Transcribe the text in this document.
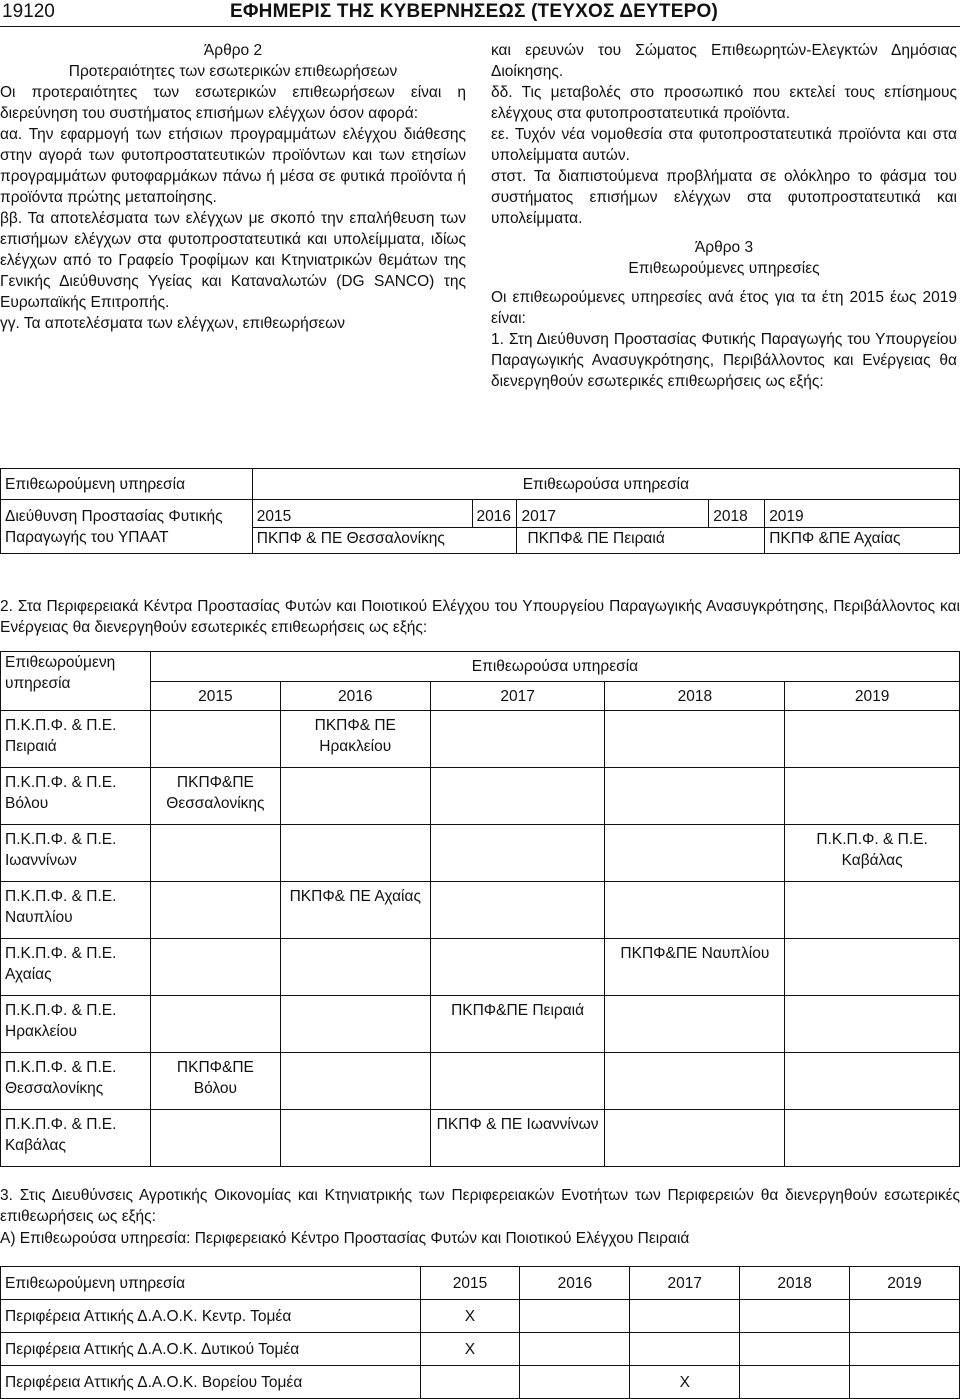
19120	ΕΦΗΜΕΡΙΣ ΤΗΣ ΚΥΒΕΡΝΗΣΕΩΣ (ΤΕΥΧΟΣ ΔΕΥΤΕΡΟ)

Άρθρο 2

Προτεραιότητες των εσωτερικών επιθεωρήσεων

Οι προτεραιότητες των εσωτερικών επιθεωρήσεων είναι η διερεύνηση του συστήματος επισήμων ελέγχων όσον αφορά:

αα. Την εφαρμογή των ετήσιων προγραμμάτων ελέγχου διάθεσης στην αγορά των φυτοπροστατευτικών προϊόντων και των ετησίων προγραμμάτων φυτοφαρμάκων πάνω ή μέσα σε φυτικά προϊόντα ή προϊόντα πρώτης μεταποίησης.

ββ. Τα αποτελέσματα των ελέγχων με σκοπό την επαλήθευση των επισήμων ελέγχων στα φυτοπροστατευτικά και υπολείμματα, ιδίως ελέγχων από το Γραφείο Τροφίμων και Κτηνιατρικών θεμάτων της Γενικής Διεύθυνσης Υγείας και Καταναλωτών (DG SANCO) της Ευρωπαϊκής Επιτροπής.

γγ. Τα αποτελέσματα των ελέγχων, επιθεωρήσεων

και ερευνών του Σώματος Επιθεωρητών-Ελεγκτών Δημόσιας Διοίκησης.

δδ. Τις μεταβολές στο προσωπικό που εκτελεί τους επίσημους ελέγχους στα φυτοπροστατευτικά προϊόντα.

εε. Τυχόν νέα νομοθεσία στα φυτοπροστατευτικά προϊόντα και στα υπολείμματα αυτών.

στστ. Τα διαπιστούμενα προβλήματα σε ολόκληρο το φάσμα του συστήματος επισήμων ελέγχων στα φυτοπροστατευτικά και υπολείμματα.

Άρθρο 3

Επιθεωρούμενες υπηρεσίες

Οι επιθεωρούμενες υπηρεσίες ανά έτος για τα έτη 2015 έως 2019 είναι:

1. Στη Διεύθυνση Προστασίας Φυτικής Παραγωγής του Υπουργείου Παραγωγικής Ανασυγκρότησης, Περιβάλλοντος και Ενέργειας θα διενεργηθούν εσωτερικές επιθεωρήσεις ως εξής:

Επιθεωρούμενη υπηρεσία	Επιθεωρούσα υπηρεσία				
Διεύθυνση Προστασίας Φυτικής Παραγωγής του ΥΠΑΑΤ	2015	2016	2017	2018	2019
	ΠΚΠΦ & ΠΕ Θεσσαλονίκης		ΠΚΠΦ& ΠΕ Πειραιά		ΠΚΠΦ &ΠΕ Αχαίας

2. Στα Περιφερειακά Κέντρα Προστασίας Φυτών και Ποιοτικού Ελέγχου του Υπουργείου Παραγωγικής Ανασυγκρότησης, Περιβάλλοντος και Ενέργειας θα διενεργηθούν εσωτερικές επιθεωρήσεις ως εξής:

Επιθεωρούμενη υπηρεσία	Επιθεωρούσα υπηρεσία				
	2015	2016	2017	2018	2019
Π.Κ.Π.Φ. & Π.Ε. Πειραιά		ΠΚΠΦ& ΠΕ Ηρακλείου			
Π.Κ.Π.Φ. & Π.Ε. Βόλου	ΠΚΠΦ&ΠΕ Θεσσαλονίκης				
Π.Κ.Π.Φ. & Π.Ε. Ιωαννίνων					Π.Κ.Π.Φ. & Π.Ε. Καβάλας
Π.Κ.Π.Φ. & Π.Ε. Ναυπλίου		ΠΚΠΦ& ΠΕ Αχαίας			
Π.Κ.Π.Φ. & Π.Ε. Αχαίας				ΠΚΠΦ&ΠΕ Ναυπλίου	
Π.Κ.Π.Φ. & Π.Ε. Ηρακλείου			ΠΚΠΦ&ΠΕ Πειραιά		
Π.Κ.Π.Φ. & Π.Ε. Θεσσαλονίκης	ΠΚΠΦ&ΠΕ Βόλου				
Π.Κ.Π.Φ. & Π.Ε. Καβάλας			ΠΚΠΦ & ΠΕ Ιωαννίνων		

3. Στις Διευθύνσεις Αγροτικής Οικονομίας και Κτηνιατρικής των Περιφερειακών Ενοτήτων των Περιφερειών θα διενεργηθούν εσωτερικές επιθεωρήσεις ως εξής:

Α) Επιθεωρούσα υπηρεσία: Περιφερειακό Κέντρο Προστασίας Φυτών και Ποιοτικού Ελέγχου Πειραιά

Επιθεωρούμενη υπηρεσία	2015	2016	2017	2018	2019
Περιφέρεια Αττικής Δ.Α.Ο.Κ. Κεντρ. Τομέα	X				
Περιφέρεια Αττικής Δ.Α.Ο.Κ. Δυτικού Τομέα	X				
Περιφέρεια Αττικής Δ.Α.Ο.Κ. Βορείου Τομέα			X		
